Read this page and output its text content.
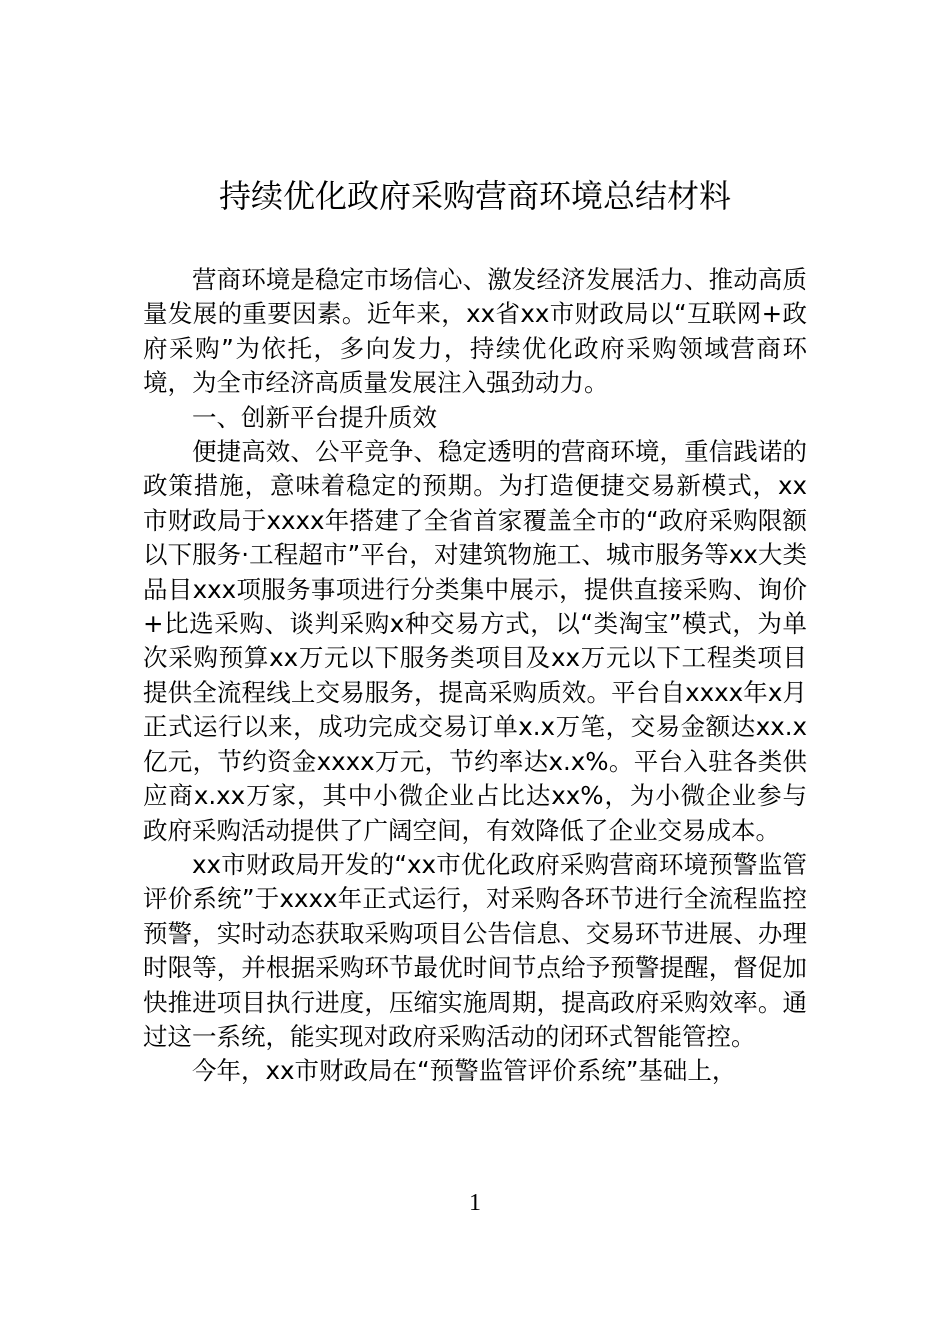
持续优化政府采购营商环境总结材料

营商环境是稳定市场信心、激发经济发展活力、推动高质量发展的重要因素。近年来，xx省xx市财政局以“互联网+政府采购”为依托，多向发力，持续优化政府采购领域营商环境，为全市经济高质量发展注入强劲动力。

一、创新平台提升质效

便捷高效、公平竞争、稳定透明的营商环境，重信践诺的政策措施，意味着稳定的预期。为打造便捷交易新模式，xx市财政局于xxxx年搭建了全省首家覆盖全市的“政府采购限额以下服务·工程超市”平台，对建筑物施工、城市服务等xx大类品目xxx项服务事项进行分类集中展示，提供直接采购、询价+比选采购、谈判采购x种交易方式，以“类淘宝”模式，为单次采购预算xx万元以下服务类项目及xx万元以下工程类项目提供全流程线上交易服务，提高采购质效。平台自xxxx年x月正式运行以来，成功完成交易订单x.x万笔，交易金额达xx.x亿元，节约资金xxxx万元，节约率达x.x%。平台入驻各类供应商x.xx万家，其中小微企业占比达xx%，为小微企业参与政府采购活动提供了广阔空间，有效降低了企业交易成本。

xx市财政局开发的“xx市优化政府采购营商环境预警监管评价系统”于xxxx年正式运行，对采购各环节进行全流程监控预警，实时动态获取采购项目公告信息、交易环节进展、办理时限等，并根据采购环节最优时间节点给予预警提醒，督促加快推进项目执行进度，压缩实施周期，提高政府采购效率。通过这一系统，能实现对政府采购活动的闭环式智能管控。

今年，xx市财政局在“预警监管评价系统”基础上，

1
